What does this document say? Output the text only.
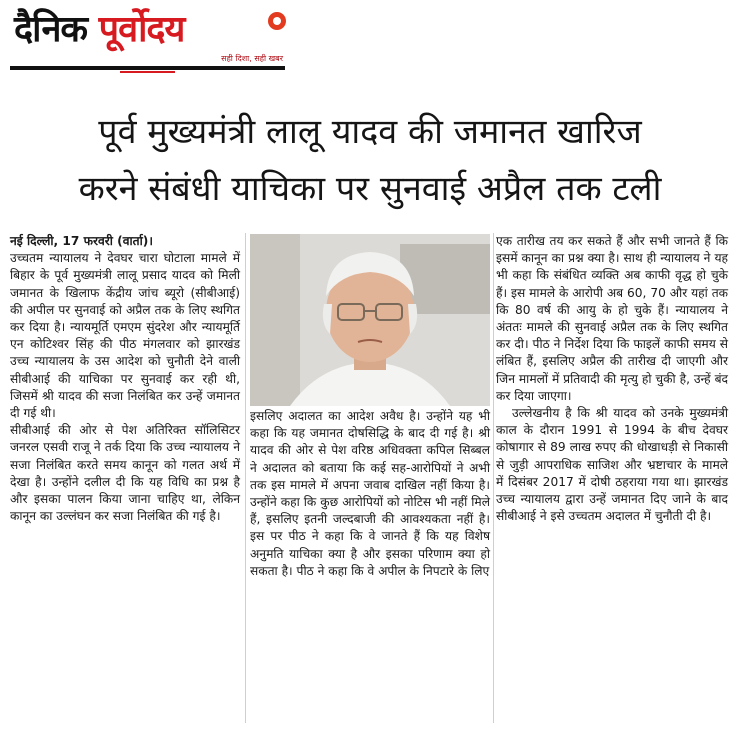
दैनिक पूर्वोदय
सही दिशा, सही खबर
पूर्व मुख्यमंत्री लालू यादव की जमानत खारिज
करने संबंधी याचिका पर सुनवाई अप्रैल तक टली

नई दिल्ली, 17 फरवरी (वार्ता)।

उच्चतम न्यायालय ने देवघर चारा घोटाला मामले में बिहार के पूर्व मुख्यमंत्री लालू प्रसाद यादव को मिली जमानत के खिलाफ केंद्रीय जांच ब्यूरो (सीबीआई) की अपील पर सुनवाई को अप्रैल तक के लिए स्थगित कर दिया है। न्यायमूर्ति एमएम सुंदरेश और न्यायमूर्ति एन कोटिश्वर सिंह की पीठ मंगलवार को झारखंड उच्च न्यायालय के उस आदेश को चुनौती देने वाली सीबीआई की याचिका पर सुनवाई कर रही थी, जिसमें श्री यादव की सजा निलंबित कर उन्हें जमानत दी गई थी।

सीबीआई की ओर से पेश अतिरिक्त सॉलिसिटर जनरल एसवी राजू ने तर्क दिया कि उच्च न्यायालय ने सजा निलंबित करते समय कानून को गलत अर्थ में देखा है। उन्होंने दलील दी कि यह विधि का प्रश्न है और इसका पालन किया जाना चाहिए था, लेकिन कानून का उल्लंघन कर सजा निलंबित की गई है।

इसलिए अदालत का आदेश अवैध है। उन्होंने यह भी कहा कि यह जमानत दोषसिद्धि के बाद दी गई है। श्री यादव की ओर से पेश वरिष्ठ अधिवक्ता कपिल सिब्बल ने अदालत को बताया कि कई सह-आरोपियों ने अभी तक इस मामले में अपना जवाब दाखिल नहीं किया है। उन्होंने कहा कि कुछ आरोपियों को नोटिस भी नहीं मिले हैं, इसलिए इतनी जल्दबाजी की आवश्यकता नहीं है। इस पर पीठ ने कहा कि वे जानते हैं कि यह विशेष अनुमति याचिका क्या है और इसका परिणाम क्या हो सकता है। पीठ ने कहा कि वे अपील के निपटारे के लिए

एक तारीख तय कर सकते हैं और सभी जानते हैं कि इसमें कानून का प्रश्न क्या है। साथ ही न्यायालय ने यह भी कहा कि संबंधित व्यक्ति अब काफी वृद्ध हो चुके हैं। इस मामले के आरोपी अब 60, 70 और यहां तक कि 80 वर्ष की आयु के हो चुके हैं। न्यायालय ने अंततः मामले की सुनवाई अप्रैल तक के लिए स्थगित कर दी। पीठ ने निर्देश दिया कि फाइलें काफी समय से लंबित हैं, इसलिए अप्रैल की तारीख दी जाएगी और जिन मामलों में प्रतिवादी की मृत्यु हो चुकी है, उन्हें बंद कर दिया जाएगा।

उल्लेखनीय है कि श्री यादव को उनके मुख्यमंत्री काल के दौरान 1991 से 1994 के बीच देवघर कोषागार से 89 लाख रुपए की धोखाधड़ी से निकासी से जुड़ी आपराधिक साजिश और भ्रष्टाचार के मामले में दिसंबर 2017 में दोषी ठहराया गया था। झारखंड उच्च न्यायालय द्वारा उन्हें जमानत दिए जाने के बाद सीबीआई ने इसे उच्चतम अदालत में चुनौती दी है।
